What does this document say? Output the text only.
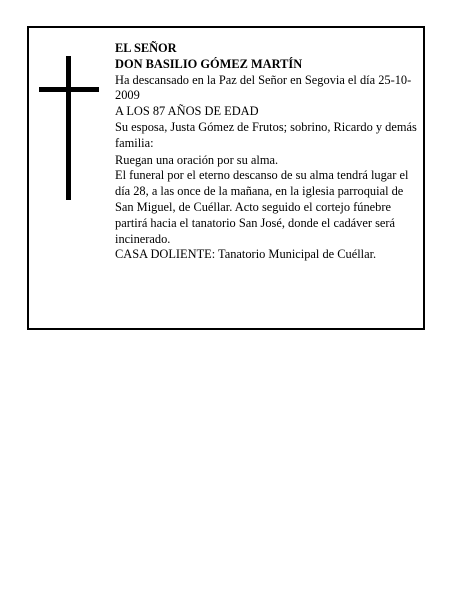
EL SEÑOR

DON BASILIO GÓMEZ MARTÍN

Ha descansado en la Paz del Señor en Segovia el día 25-10-2009

A LOS 87 AÑOS DE EDAD

Su esposa, Justa Gómez de Frutos; sobrino, Ricardo y demás familia:

Ruegan una oración por su alma.

El funeral por el eterno descanso de su alma tendrá lugar el día 28, a las once de la mañana, en la iglesia parroquial de San Miguel, de Cuéllar. Acto seguido el cortejo fúnebre partirá hacia el tanatorio San José, donde el cadáver será incinerado.

CASA DOLIENTE: Tanatorio Municipal de Cuéllar.
